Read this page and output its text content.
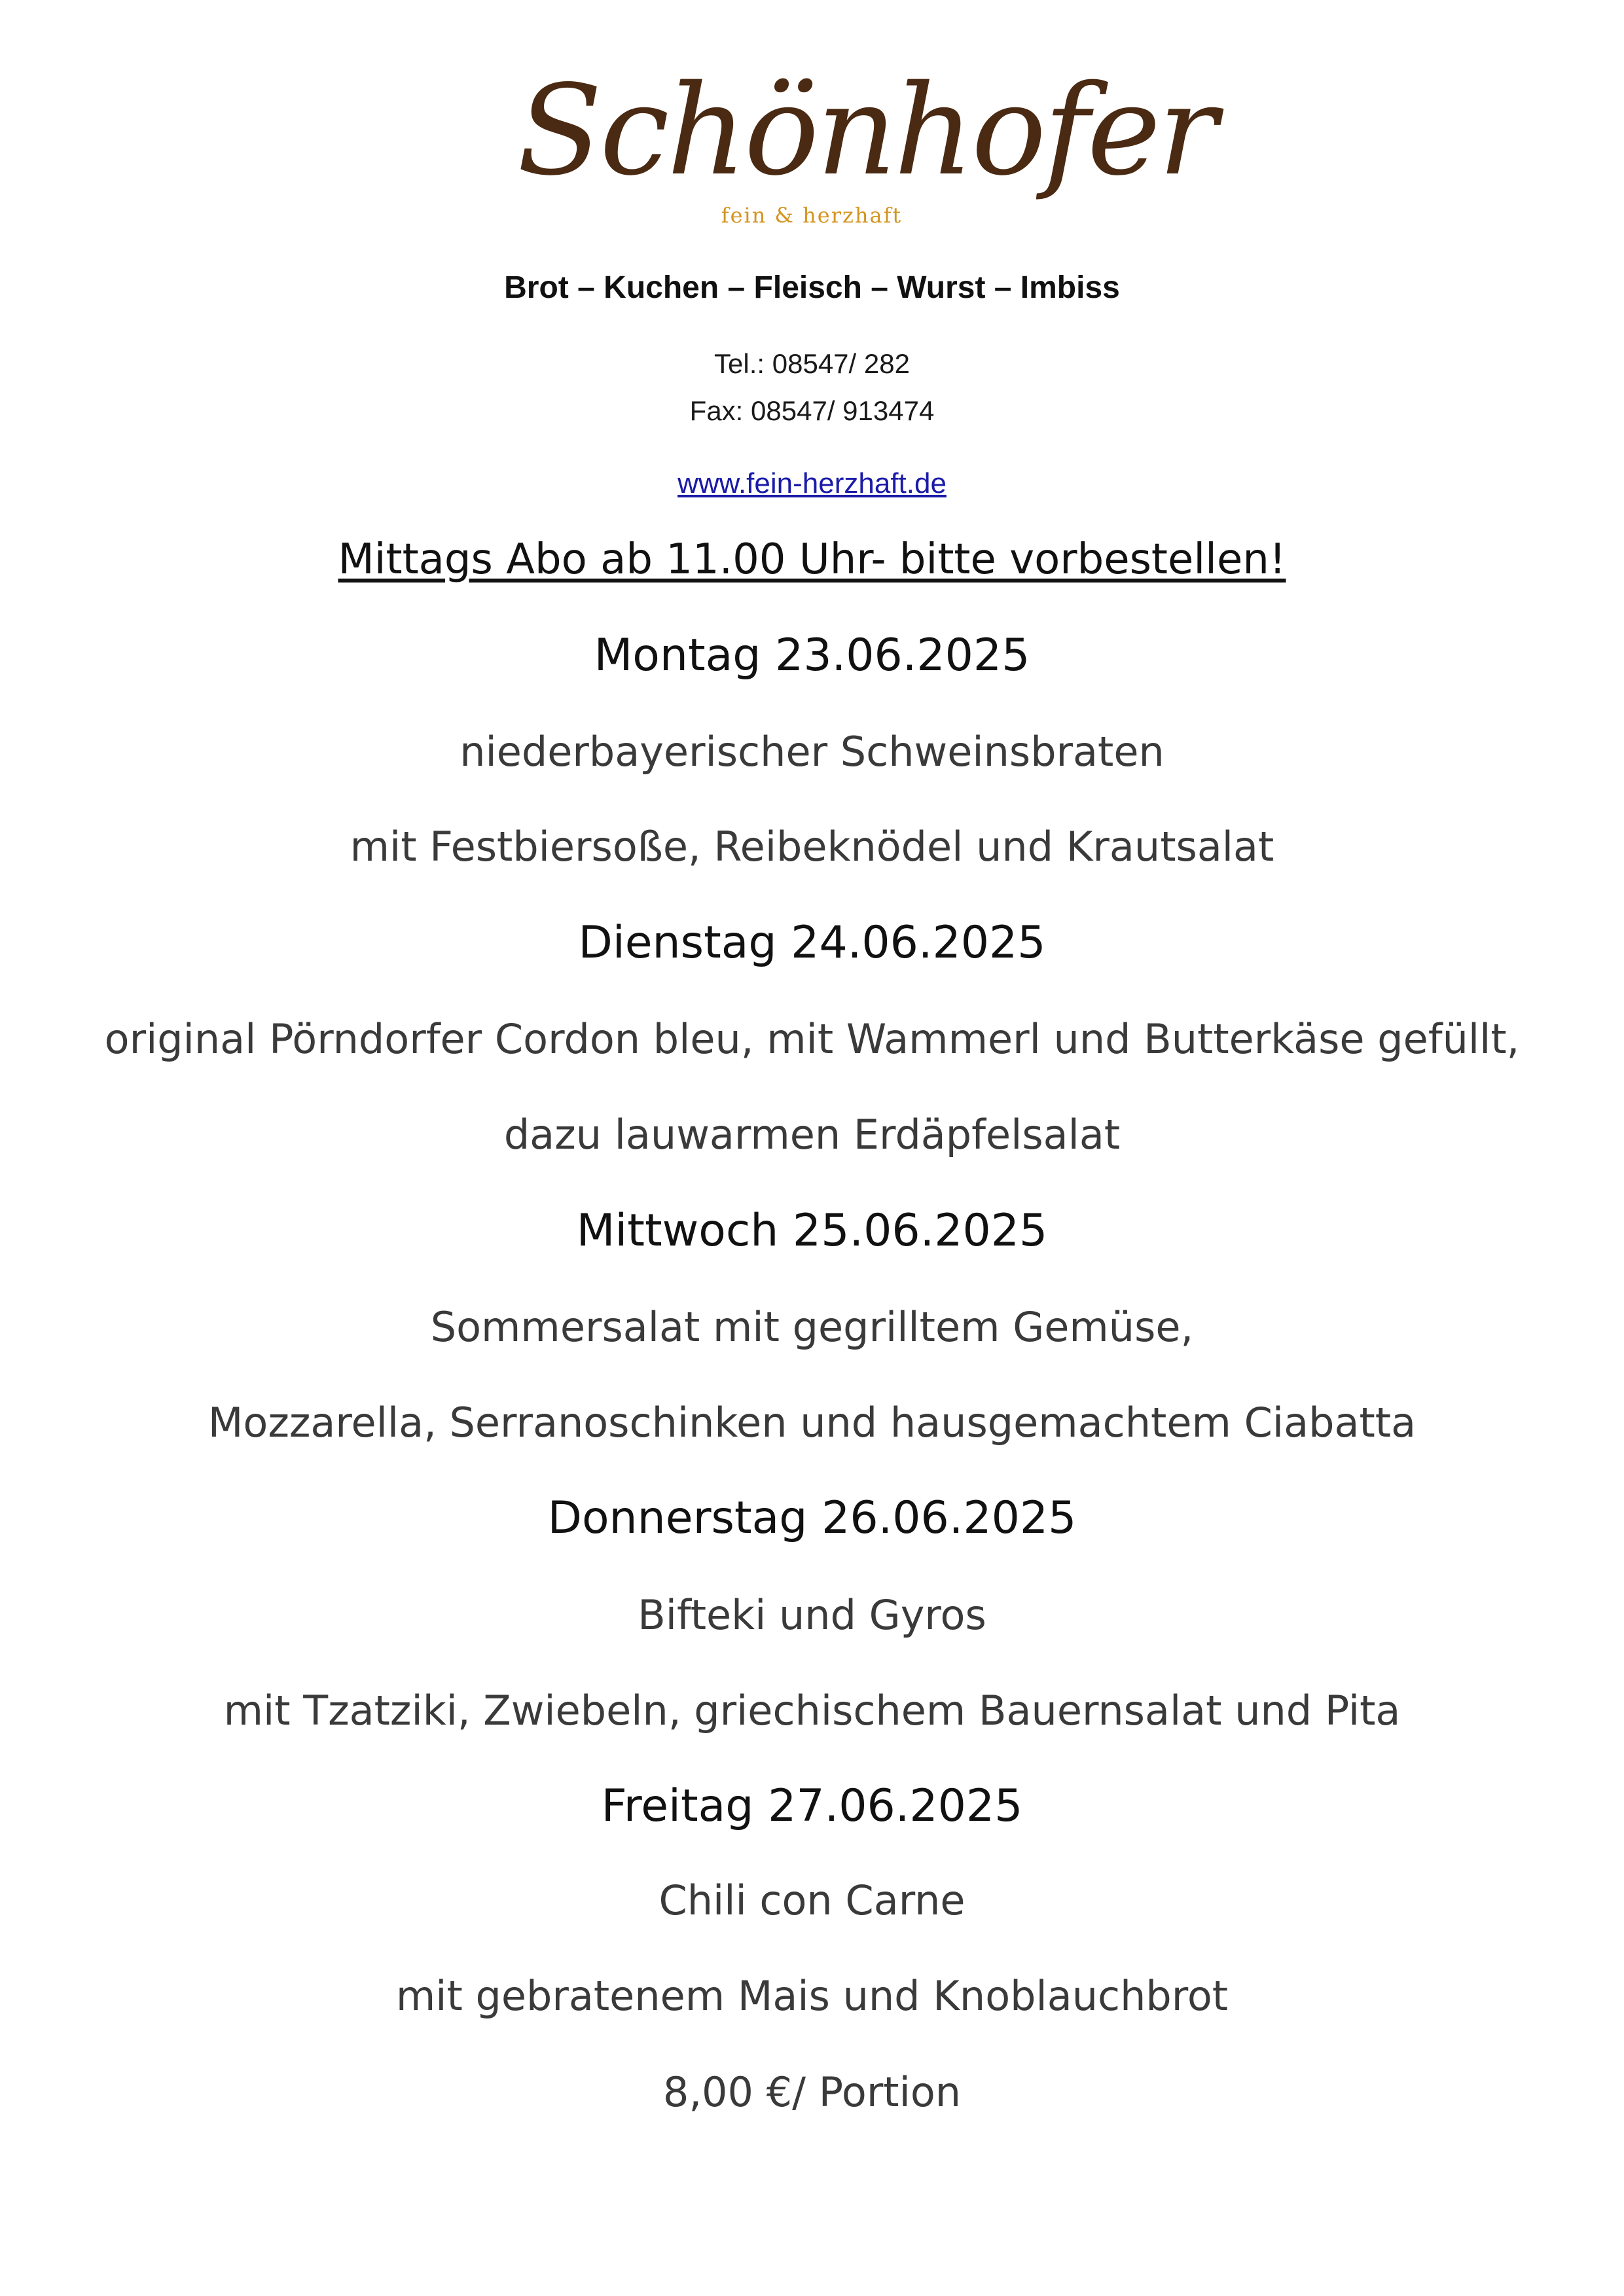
Schönhofer
fein & herzhaft
Brot – Kuchen – Fleisch – Wurst – Imbiss
Tel.: 08547/ 282
Fax: 08547/ 913474
www.fein-herzhaft.de
Mittags Abo ab 11.00 Uhr- bitte vorbestellen!
Montag 23.06.2025
niederbayerischer Schweinsbraten
mit Festbiersoße, Reibeknödel und Krautsalat
Dienstag 24.06.2025
original Pörndorfer Cordon bleu, mit Wammerl und Butterkäse gefüllt,
dazu lauwarmen Erdäpfelsalat
Mittwoch 25.06.2025
Sommersalat mit gegrilltem Gemüse,
Mozzarella, Serranoschinken und hausgemachtem Ciabatta
Donnerstag 26.06.2025
Bifteki und Gyros
mit Tzatziki, Zwiebeln, griechischem Bauernsalat und Pita
Freitag 27.06.2025
Chili con Carne
mit gebratenem Mais und Knoblauchbrot
8,00 €/ Portion
